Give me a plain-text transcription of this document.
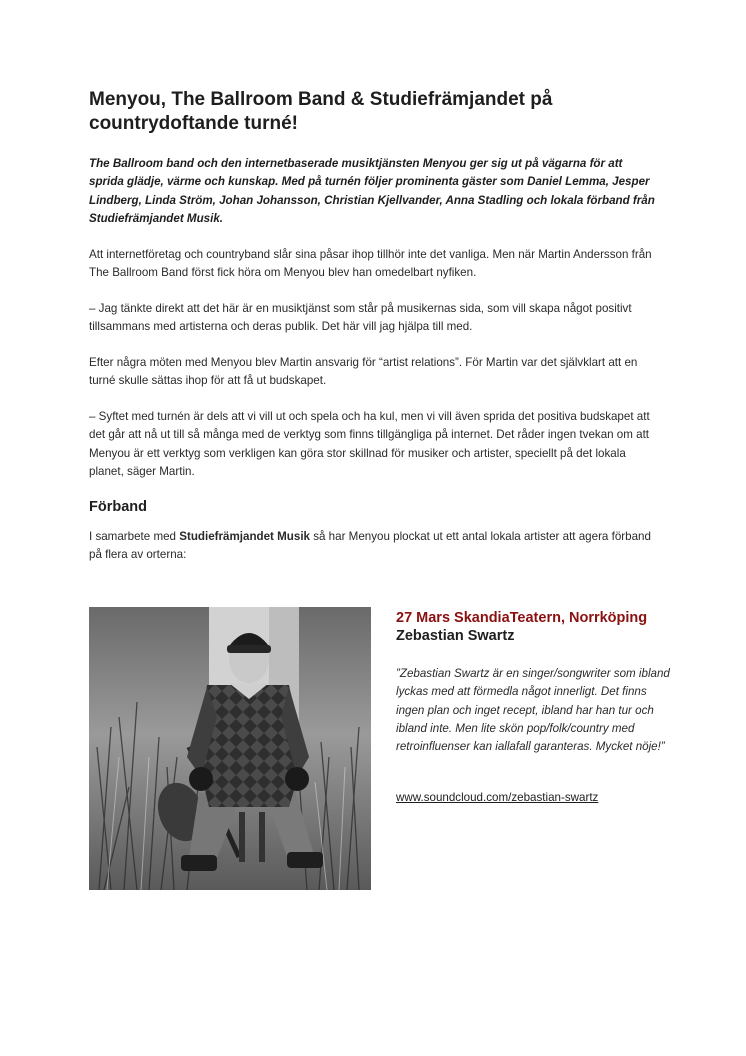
Menyou, The Ballroom Band & Studiefrämjandet på countrydoftande turné!

The Ballroom band och den internetbaserade musiktjänsten Menyou ger sig ut på vägarna för att sprida glädje, värme och kunskap. Med på turnén följer prominenta gäster som Daniel Lemma, Jesper Lindberg, Linda Ström, Johan Johansson, Christian Kjellvander, Anna Stadling och lokala förband från Studiefrämjandet Musik.

Att internetföretag och countryband slår sina påsar ihop tillhör inte det vanliga. Men när Martin Andersson från The Ballroom Band först fick höra om Menyou blev han omedelbart nyfiken.

– Jag tänkte direkt att det här är en musiktjänst som står på musikernas sida, som vill skapa något positivt tillsammans med artisterna och deras publik. Det här vill jag hjälpa till med.

Efter några möten med Menyou blev Martin ansvarig för “artist relations”. För Martin var det självklart att en turné skulle sättas ihop för att få ut budskapet.

– Syftet med turnén är dels att vi vill ut och spela och ha kul, men vi vill även sprida det positiva budskapet att det går att nå ut till så många med de verktyg som finns tillgängliga på internet. Det råder ingen tvekan om att Menyou är ett verktyg som verkligen kan göra stor skillnad för musiker och artister, speciellt på det lokala planet, säger Martin.

Förband

I samarbete med Studiefrämjandet Musik så har Menyou plockat ut ett antal lokala artister att agera förband på flera av orterna:

27 Mars SkandiaTeatern, Norrköping

Zebastian Swartz

”Zebastian Swartz är en singer/songwriter som ibland lyckas med att förmedla något innerligt. Det finns ingen plan och inget recept, ibland har han tur och ibland inte. Men lite skön pop/folk/country med retroinfluenser kan iallafall garanteras. Mycket nöje!”

www.soundcloud.com/zebastian-swartz
